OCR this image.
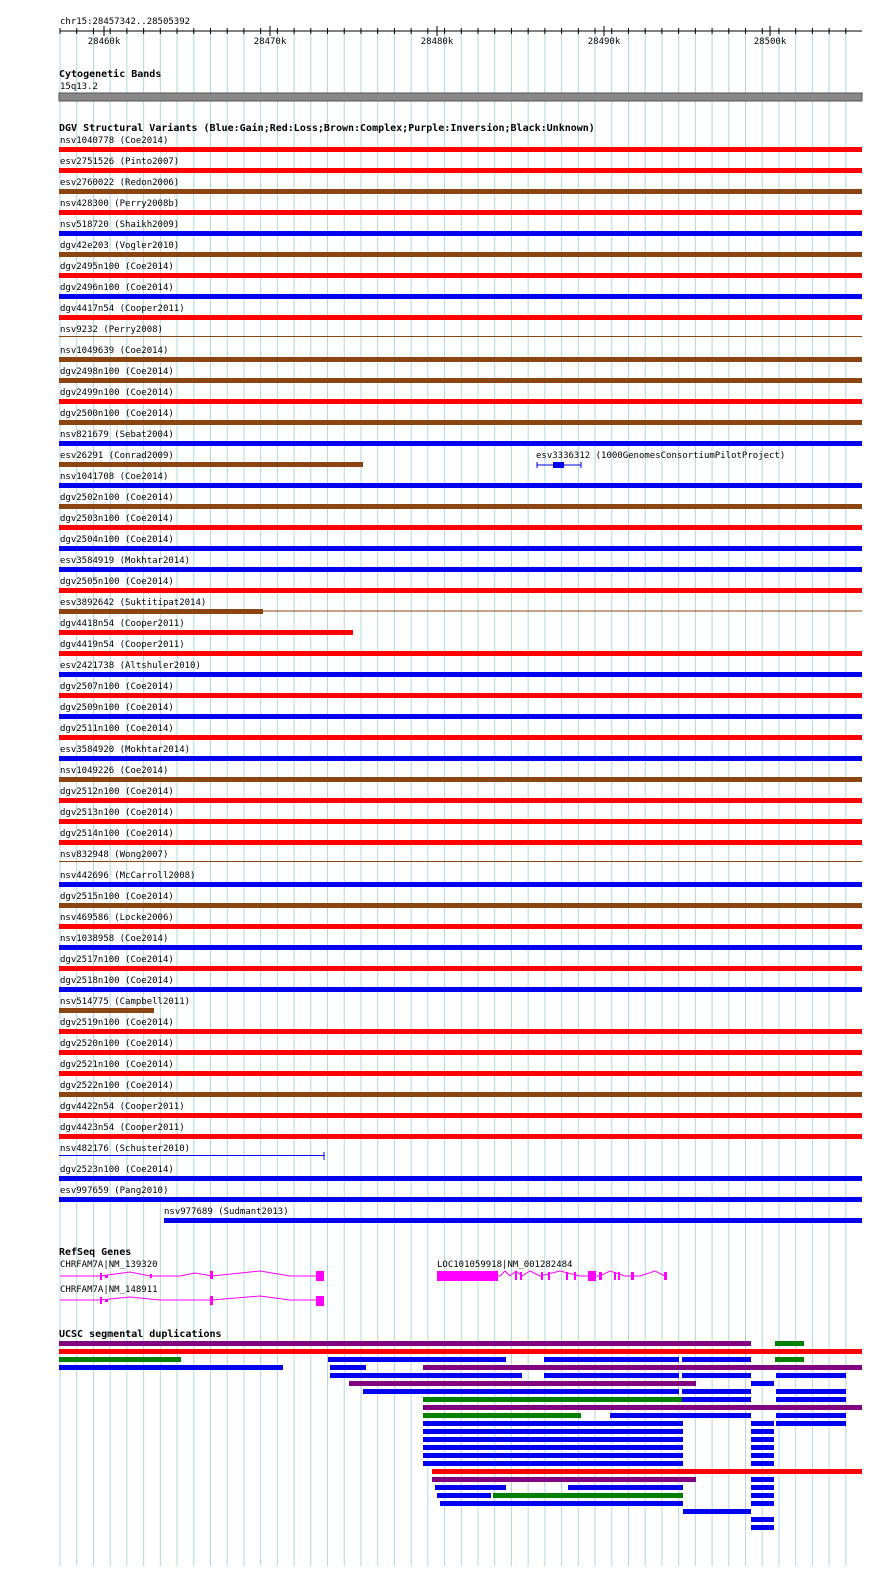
chr15:28457342..28505392
28460k	28470k	28480k	28490k	28500k
Cytogenetic Bands
15q13.2
DGV Structural Variants (Blue:Gain;Red:Loss;Brown:Complex;Purple:Inversion;Black:Unknown)
nsv1040778 (Coe2014)
esv2751526 (Pinto2007)
esv2760022 (Redon2006)
nsv428300 (Perry2008b)
nsv518720 (Shaikh2009)
dgv42e203 (Vogler2010)
dgv2495n100 (Coe2014)
dgv2496n100 (Coe2014)
dgv4417n54 (Cooper2011)
nsv9232 (Perry2008)
nsv1049639 (Coe2014)
dgv2498n100 (Coe2014)
dgv2499n100 (Coe2014)
dgv2500n100 (Coe2014)
nsv821679 (Sebat2004)
esv26291 (Conrad2009)
nsv1041708 (Coe2014)
dgv2502n100 (Coe2014)
dgv2503n100 (Coe2014)
dgv2504n100 (Coe2014)
esv3584919 (Mokhtar2014)
dgv2505n100 (Coe2014)
esv3892642 (Suktitipat2014)
dgv4418n54 (Cooper2011)
dgv4419n54 (Cooper2011)
esv2421738 (Altshuler2010)
dgv2507n100 (Coe2014)
dgv2509n100 (Coe2014)
dgv2511n100 (Coe2014)
esv3584920 (Mokhtar2014)
nsv1049226 (Coe2014)
dgv2512n100 (Coe2014)
dgv2513n100 (Coe2014)
dgv2514n100 (Coe2014)
nsv832948 (Wong2007)
nsv442696 (McCarroll2008)
dgv2515n100 (Coe2014)
nsv469586 (Locke2006)
nsv1038958 (Coe2014)
dgv2517n100 (Coe2014)
dgv2518n100 (Coe2014)
nsv514775 (Campbell2011)
dgv2519n100 (Coe2014)
dgv2520n100 (Coe2014)
dgv2521n100 (Coe2014)
dgv2522n100 (Coe2014)
dgv4422n54 (Cooper2011)
dgv4423n54 (Cooper2011)
nsv482176 (Schuster2010)
dgv2523n100 (Coe2014)
esv997659 (Pang2010)
nsv977689 (Sudmant2013)
esv3336312 (1000GenomesConsortiumPilotProject)
RefSeq Genes
CHRFAM7A|NM_139320
CHRFAM7A|NM_148911
LOC101059918|NM_001282484
UCSC segmental duplications
